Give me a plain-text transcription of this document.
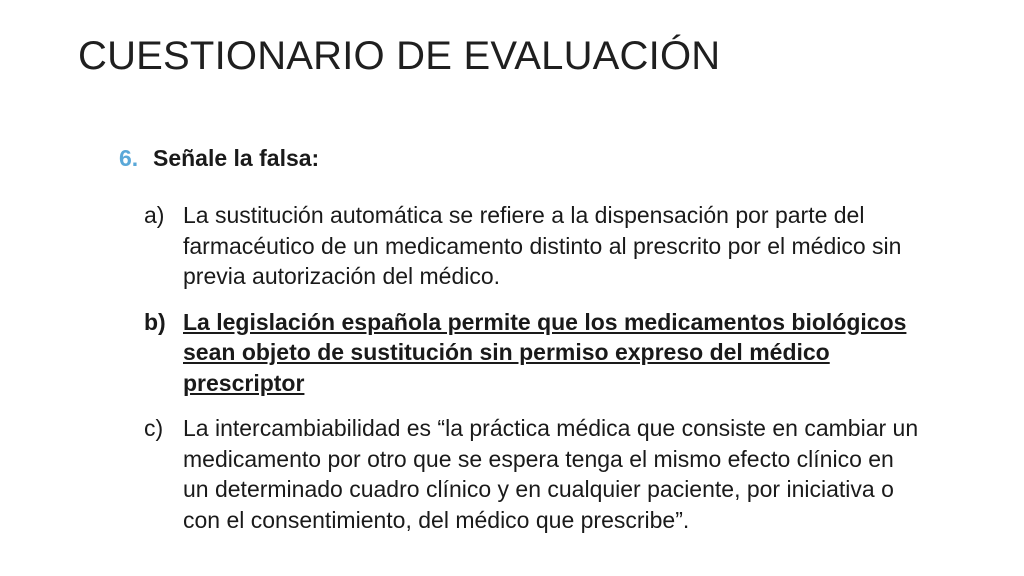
CUESTIONARIO DE EVALUACIÓN
6. Señale la falsa:
a) La sustitución automática se refiere a la dispensación por parte del farmacéutico de un medicamento distinto al prescrito por el médico sin previa autorización del médico.
b) La legislación española permite que los medicamentos biológicos sean objeto de sustitución sin permiso expreso del médico prescriptor
c) La intercambiabilidad es “la práctica médica que consiste en cambiar un medicamento por otro que se espera tenga el mismo efecto clínico en un determinado cuadro clínico y en cualquier paciente, por iniciativa o con el consentimiento, del médico que prescribe”.
